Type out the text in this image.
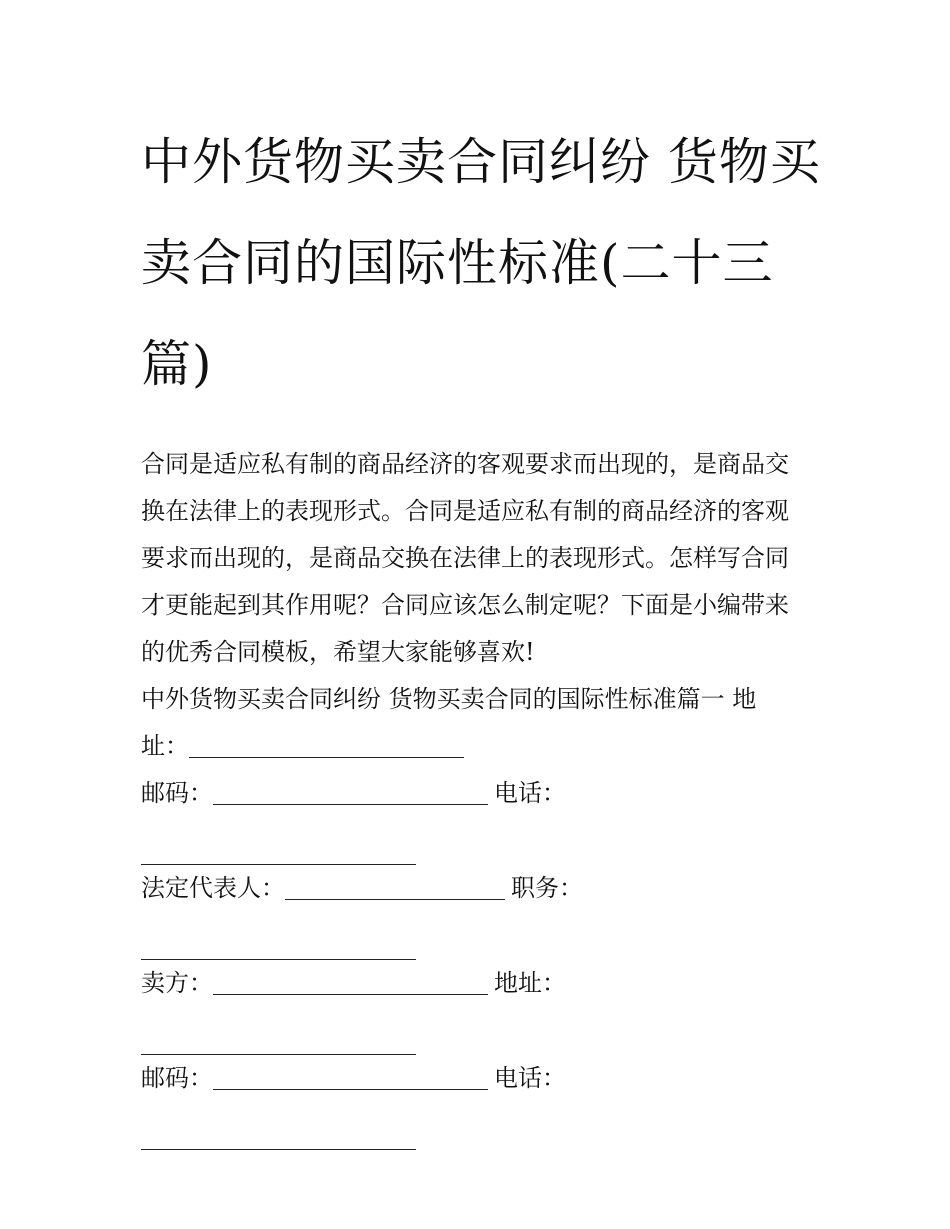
中外货物买卖合同纠纷 货物买卖合同的国际性标准(二十三篇)

合同是适应私有制的商品经济的客观要求而出现的，是商品交换在法律上的表现形式。合同是适应私有制的商品经济的客观要求而出现的，是商品交换在法律上的表现形式。怎样写合同才更能起到其作用呢？合同应该怎么制定呢？下面是小编带来的优秀合同模板，希望大家能够喜欢!

中外货物买卖合同纠纷 货物买卖合同的国际性标准篇一 地

址：

邮码：	电话：

法定代表人：	职务：

卖方：	地址：

邮码：	电话：
